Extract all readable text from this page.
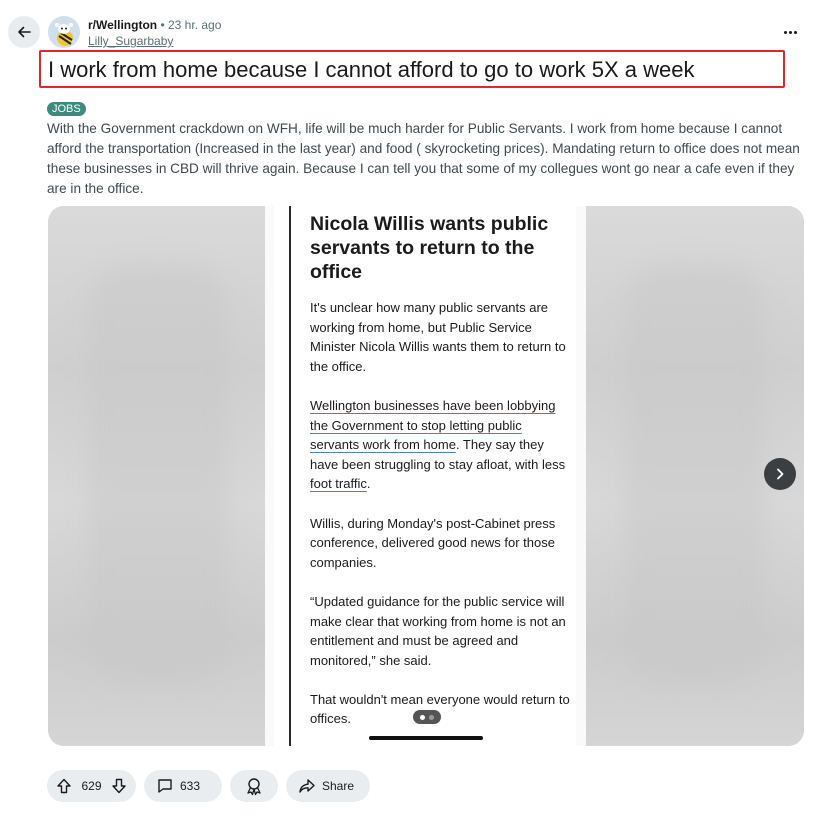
r/Wellington • 23 hr. ago
Lilly_Sugarbaby
I work from home because I cannot afford to go to work 5X a week
JOBS

With the Government crackdown on WFH, life will be much harder for Public Servants. I work from home because I cannot afford the transportation (Increased in the last year) and food ( skyrocketing prices). Mandating return to office does not mean these businesses in CBD will thrive again. Because I can tell you that some of my collegues wont go near a cafe even if they are in the office.

Nicola Willis wants public servants to return to the office

It's unclear how many public servants are working from home, but Public Service Minister Nicola Willis wants them to return to the office.

Wellington businesses have been lobbying the Government to stop letting public servants work from home. They say they have been struggling to stay afloat, with less foot traffic.

Willis, during Monday's post-Cabinet press conference, delivered good news for those companies.

“Updated guidance for the public service will make clear that working from home is not an entitlement and must be agreed and monitored,” she said.

That wouldn't mean everyone would return to offices.

629	633	Share
